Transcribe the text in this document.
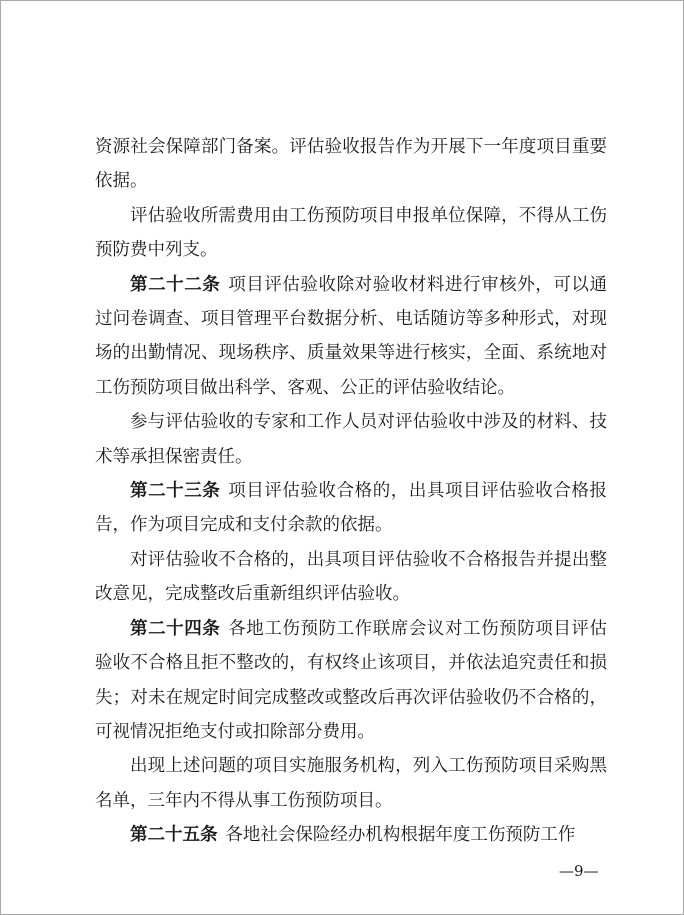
资源社会保障部门备案。评估验收报告作为开展下一年度项目重要依据。

评估验收所需费用由工伤预防项目申报单位保障，不得从工伤预防费中列支。

第二十二条 项目评估验收除对验收材料进行审核外，可以通过问卷调查、项目管理平台数据分析、电话随访等多种形式，对现场的出勤情况、现场秩序、质量效果等进行核实，全面、系统地对工伤预防项目做出科学、客观、公正的评估验收结论。

参与评估验收的专家和工作人员对评估验收中涉及的材料、技术等承担保密责任。

第二十三条 项目评估验收合格的，出具项目评估验收合格报告，作为项目完成和支付余款的依据。

对评估验收不合格的，出具项目评估验收不合格报告并提出整改意见，完成整改后重新组织评估验收。

第二十四条 各地工伤预防工作联席会议对工伤预防项目评估验收不合格且拒不整改的，有权终止该项目，并依法追究责任和损失；对未在规定时间完成整改或整改后再次评估验收仍不合格的，可视情况拒绝支付或扣除部分费用。

出现上述问题的项目实施服务机构，列入工伤预防项目采购黑名单，三年内不得从事工伤预防项目。

第二十五条 各地社会保险经办机构根据年度工伤预防工作

—9—
